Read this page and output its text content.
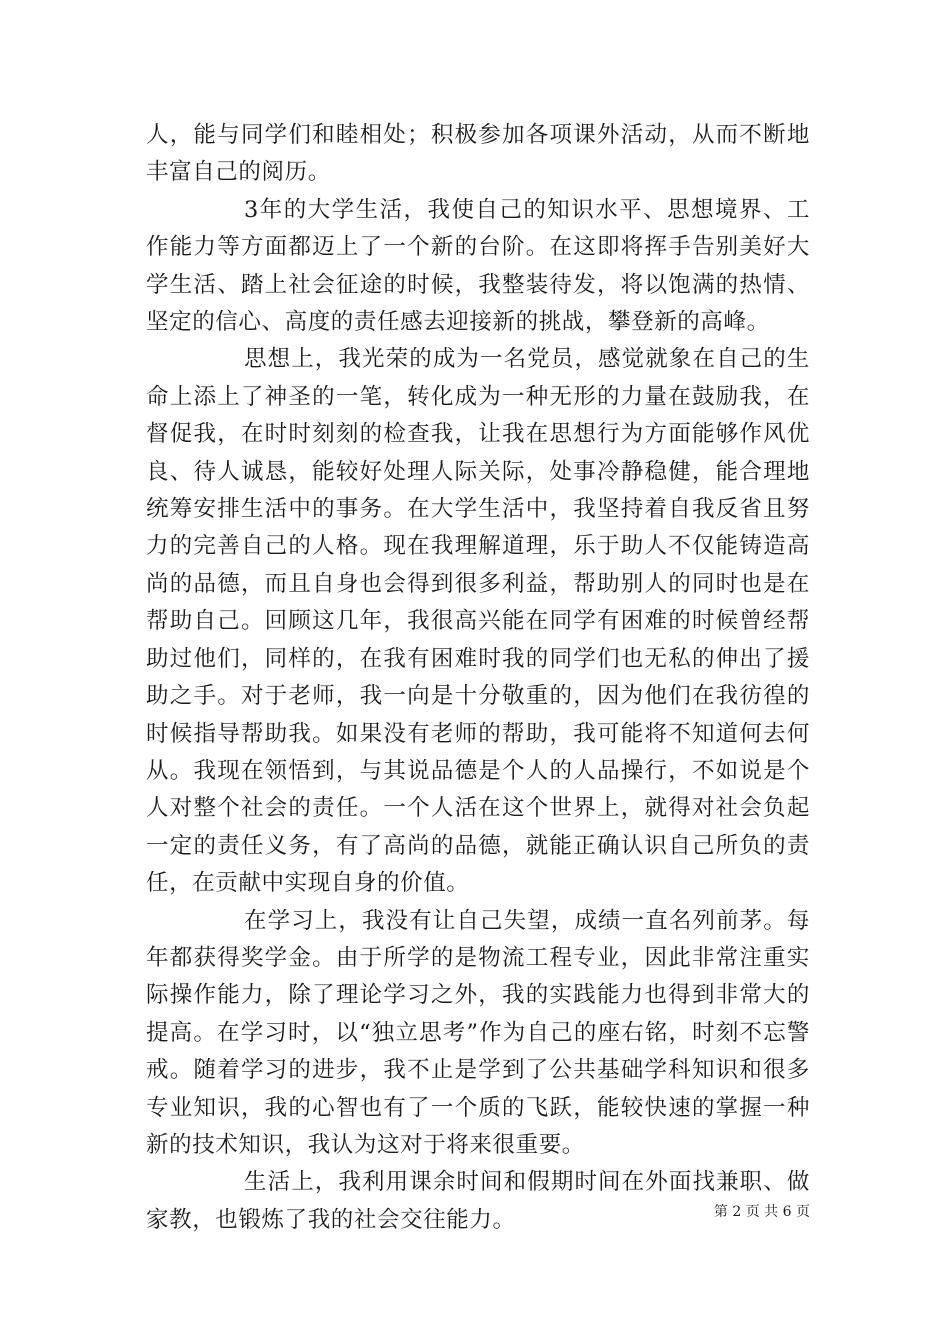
人，能与同学们和睦相处；积极参加各项课外活动，从而不断地丰富自己的阅历。

3年的大学生活，我使自己的知识水平、思想境界、工作能力等方面都迈上了一个新的台阶。在这即将挥手告别美好大学生活、踏上社会征途的时候，我整装待发，将以饱满的热情、坚定的信心、高度的责任感去迎接新的挑战，攀登新的高峰。

思想上，我光荣的成为一名党员，感觉就象在自己的生命上添上了神圣的一笔，转化成为一种无形的力量在鼓励我，在督促我，在时时刻刻的检查我，让我在思想行为方面能够作风优良、待人诚恳，能较好处理人际关际，处事冷静稳健，能合理地统筹安排生活中的事务。在大学生活中，我坚持着自我反省且努力的完善自己的人格。现在我理解道理，乐于助人不仅能铸造高尚的品德，而且自身也会得到很多利益，帮助别人的同时也是在帮助自己。回顾这几年，我很高兴能在同学有困难的时候曾经帮助过他们，同样的，在我有困难时我的同学们也无私的伸出了援助之手。对于老师，我一向是十分敬重的，因为他们在我彷徨的时候指导帮助我。如果没有老师的帮助，我可能将不知道何去何从。我现在领悟到，与其说品德是个人的人品操行，不如说是个人对整个社会的责任。一个人活在这个世界上，就得对社会负起一定的责任义务，有了高尚的品德，就能正确认识自己所负的责任，在贡献中实现自身的价值。

在学习上，我没有让自己失望，成绩一直名列前茅。每年都获得奖学金。由于所学的是物流工程专业，因此非常注重实际操作能力，除了理论学习之外，我的实践能力也得到非常大的提高。在学习时，以“独立思考”作为自己的座右铭，时刻不忘警戒。随着学习的进步，我不止是学到了公共基础学科知识和很多专业知识，我的心智也有了一个质的飞跃，能较快速的掌握一种新的技术知识，我认为这对于将来很重要。

生活上，我利用课余时间和假期时间在外面找兼职、做家教，也锻炼了我的社会交往能力。	第 2 页 共 6 页
